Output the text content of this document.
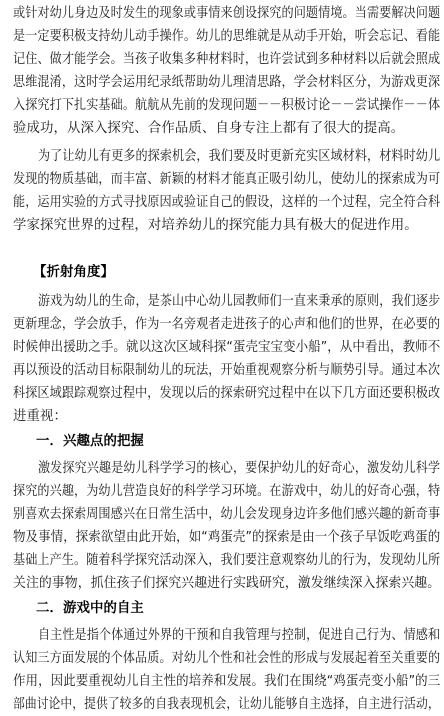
或针对幼儿身边及时发生的现象或事情来创设探究的问题情境。当需要解决问题
是一定要积极支持幼儿动手操作。幼儿的思维就是从动手开始，听会忘记、看能
记住、做才能学会。当孩子收集多种材料时，也许尝试到多种材料以后就会照成
思维混淆，这时学会运用纪录纸帮助幼儿理清思路，学会材料区分，为游戏更深
入探究打下扎实基础。航航从先前的发现问题－－积极讨论－－尝试操作－－体
验成功，从深入探究、合作品质、自身专注上都有了很大的提高。
为了让幼儿有更多的探索机会，我们要及时更新充实区域材料，材料时幼儿
发现的物质基础，而丰富、新颖的材料才能真正吸引幼儿，使幼儿的探索成为可
能，运用实验的方式寻找原因或验证自己的假设，这样的一个过程，完全符合科
学家探究世界的过程，对培养幼儿的探究能力具有极大的促进作用。
【折射角度】
游戏为幼儿的生命，是茶山中心幼儿园教师们一直来秉承的原则，我们逐步
更新理念，学会放手，作为一名旁观者走进孩子的心声和他们的世界，在必要的
时候伸出援助之手。就以这次区域科探“蛋壳宝宝变小船”，从中看出，教师不
再以预设的活动目标限制幼儿的玩法，开始重视观察分析与顺势引导。通过本次
科探区域跟踪观察过程中，发现以后的探索研究过程中在以下几方面还要积极改
进重视：
一．兴趣点的把握
激发探究兴趣是幼儿科学学习的核心，要保护幼儿的好奇心，激发幼儿科学
探究的兴趣，为幼儿营造良好的科学学习环境。在游戏中，幼儿的好奇心强，特
别喜欢去探索周围感兴在日常生活中，幼儿会发现身边许多他们感兴趣的新奇事
物及事情，探索欲望由此开始，如“鸡蛋壳”的探索是由一个孩子早饭吃鸡蛋的
基础上产生。随着科学探究活动深入，我们要注意观察幼儿的行为，发现幼儿所
关注的事物，抓住孩子们探究兴趣进行实践研究，激发继续深入探索兴趣。
二．游戏中的自主
自主性是指个体通过外界的干预和自我管理与控制，促进自己行为、情感和
认知三方面发展的个体品质。对幼儿个性和社会性的形成与发展起着至关重要的
作用，因此要重视幼儿自主性的培养和发展。我们在围绕“鸡蛋壳变小船”的三
部曲讨论中，提供了较多的自我表现机会，让幼儿能够自主选择，自主进行活动，
